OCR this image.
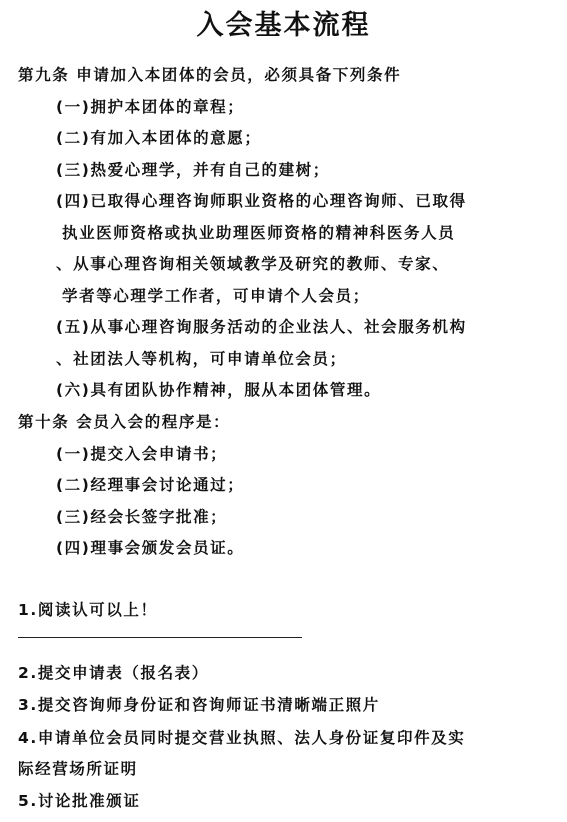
入会基本流程
第九条 申请加入本团体的会员，必须具备下列条件
(一)拥护本团体的章程；
(二)有加入本团体的意愿；
(三)热爱心理学，并有自己的建树；
(四)已取得心理咨询师职业资格的心理咨询师、已取得
执业医师资格或执业助理医师资格的精神科医务人员
、从事心理咨询相关领域教学及研究的教师、专家、
学者等心理学工作者，可申请个人会员；
(五)从事心理咨询服务活动的企业法人、社会服务机构
、社团法人等机构，可申请单位会员；
(六)具有团队协作精神，服从本团体管理。
第十条 会员入会的程序是：
(一)提交入会申请书；
(二)经理事会讨论通过；
(三)经会长签字批准；
(四)理事会颁发会员证。
1.阅读认可以上！
2.提交申请表（报名表）
3.提交咨询师身份证和咨询师证书清晰端正照片
4.申请单位会员同时提交营业执照、法人身份证复印件及实
际经营场所证明
5.讨论批准颁证
